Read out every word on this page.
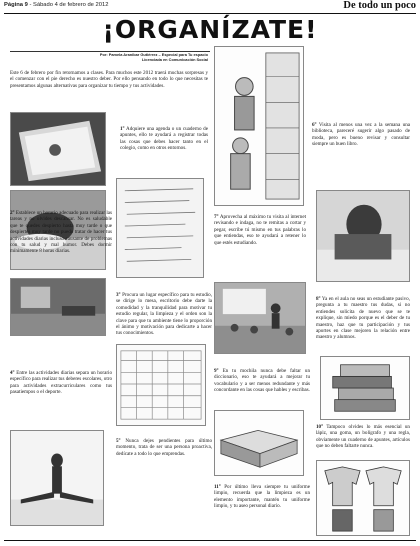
Página 9 - Sábado 4 de febrero de 2012	De todo un poco
¡ORGANÍZATE!
Por: Pamela Aranibar Gutiérrez – Especial para Tu espacio
Licenciada en Comunicación Social
Este 6 de febrero por fin retornamos a clases. Para muchos este 2012 traerá muchas sorpresas y el comenzar con el pie derecho es nuestro deber. Por ello pensando en todo lo que necesitas te presentamos algunas alternativas para organizar tu tiempo y tus actividades.
1° Adquiere una agenda o un cuaderno de apuntes, ello te ayudará a registrar todas las cosas que debes hacer tanto en el colegio, como en otros entornos.
2° Establece un horario adecuado para realizar las tareas y no olvides descansar. No es saludable que te quedes despierto hasta muy tarde o que despiertes muy tarde no puedo tratar de hacer tus actividades diarias incluso causante de problemas con tu salud y mal humor. Debes dormir mínimamente 8 horas diarias.
3° Procura un lugar específico para tu estudio, se dirige lo mesa, escritorio debe darte la comodidad y la tranquilidad para motivar tu estudio regular, la limpieza y el orden son la clave para que tu ambiente tiene lo proporción el ánimo y motivación para dedicarte a hacer tus conocimientos.
4° Entre las actividades diarias separa un horario específico para realizar tus deberes escolares, otro para actividades extracurriculares como tus pasatiempos o el deporte.
5° Nunca dejes pendientes para último momento, trata de ser una persona proactiva, dedícate a todo lo que emprendas.
6° Visita al menos una vez a la semana una biblioteca, pareceré sugerir algo pasado de moda, pero es bueno revisar y consultar siempre un buen libro.
7° Aprovecha al máximo tu visita al internet revisando e indaga, no te remitas a cortar y pegar, escribe tú mismo en tus palabras lo que entiendas, eso te ayudará a retener lo que estés estudiando.
8° Ya en el aula no seas un estudiante pasivo, pregunta a tu maestro tus dudas, si no entiendes solicita de nuevo que se te explique, sin miedo porque es el deber de tu maestro, haz que tu participación y tus aportes en clase mejoren la relación entre maestro y alumnos.
9° En tu mochila nunca debe faltar un diccionario, eso te ayudará a mejorar tu vocabulario y a ser menos redundante y más concordante en las cosas que hables y escribas.
10° Tampoco olvides lo más esencial un lápiz, una goma, un bolígrafo y una regla, obviamente un cuaderno de apuntes, artículos que no deben faltarte nunca.
11° Por último lleva siempre tu uniforme limpio, recuerda que la limpieza es un elemento importante, mantén tu uniforme limpio, y tu aseo personal diario.
